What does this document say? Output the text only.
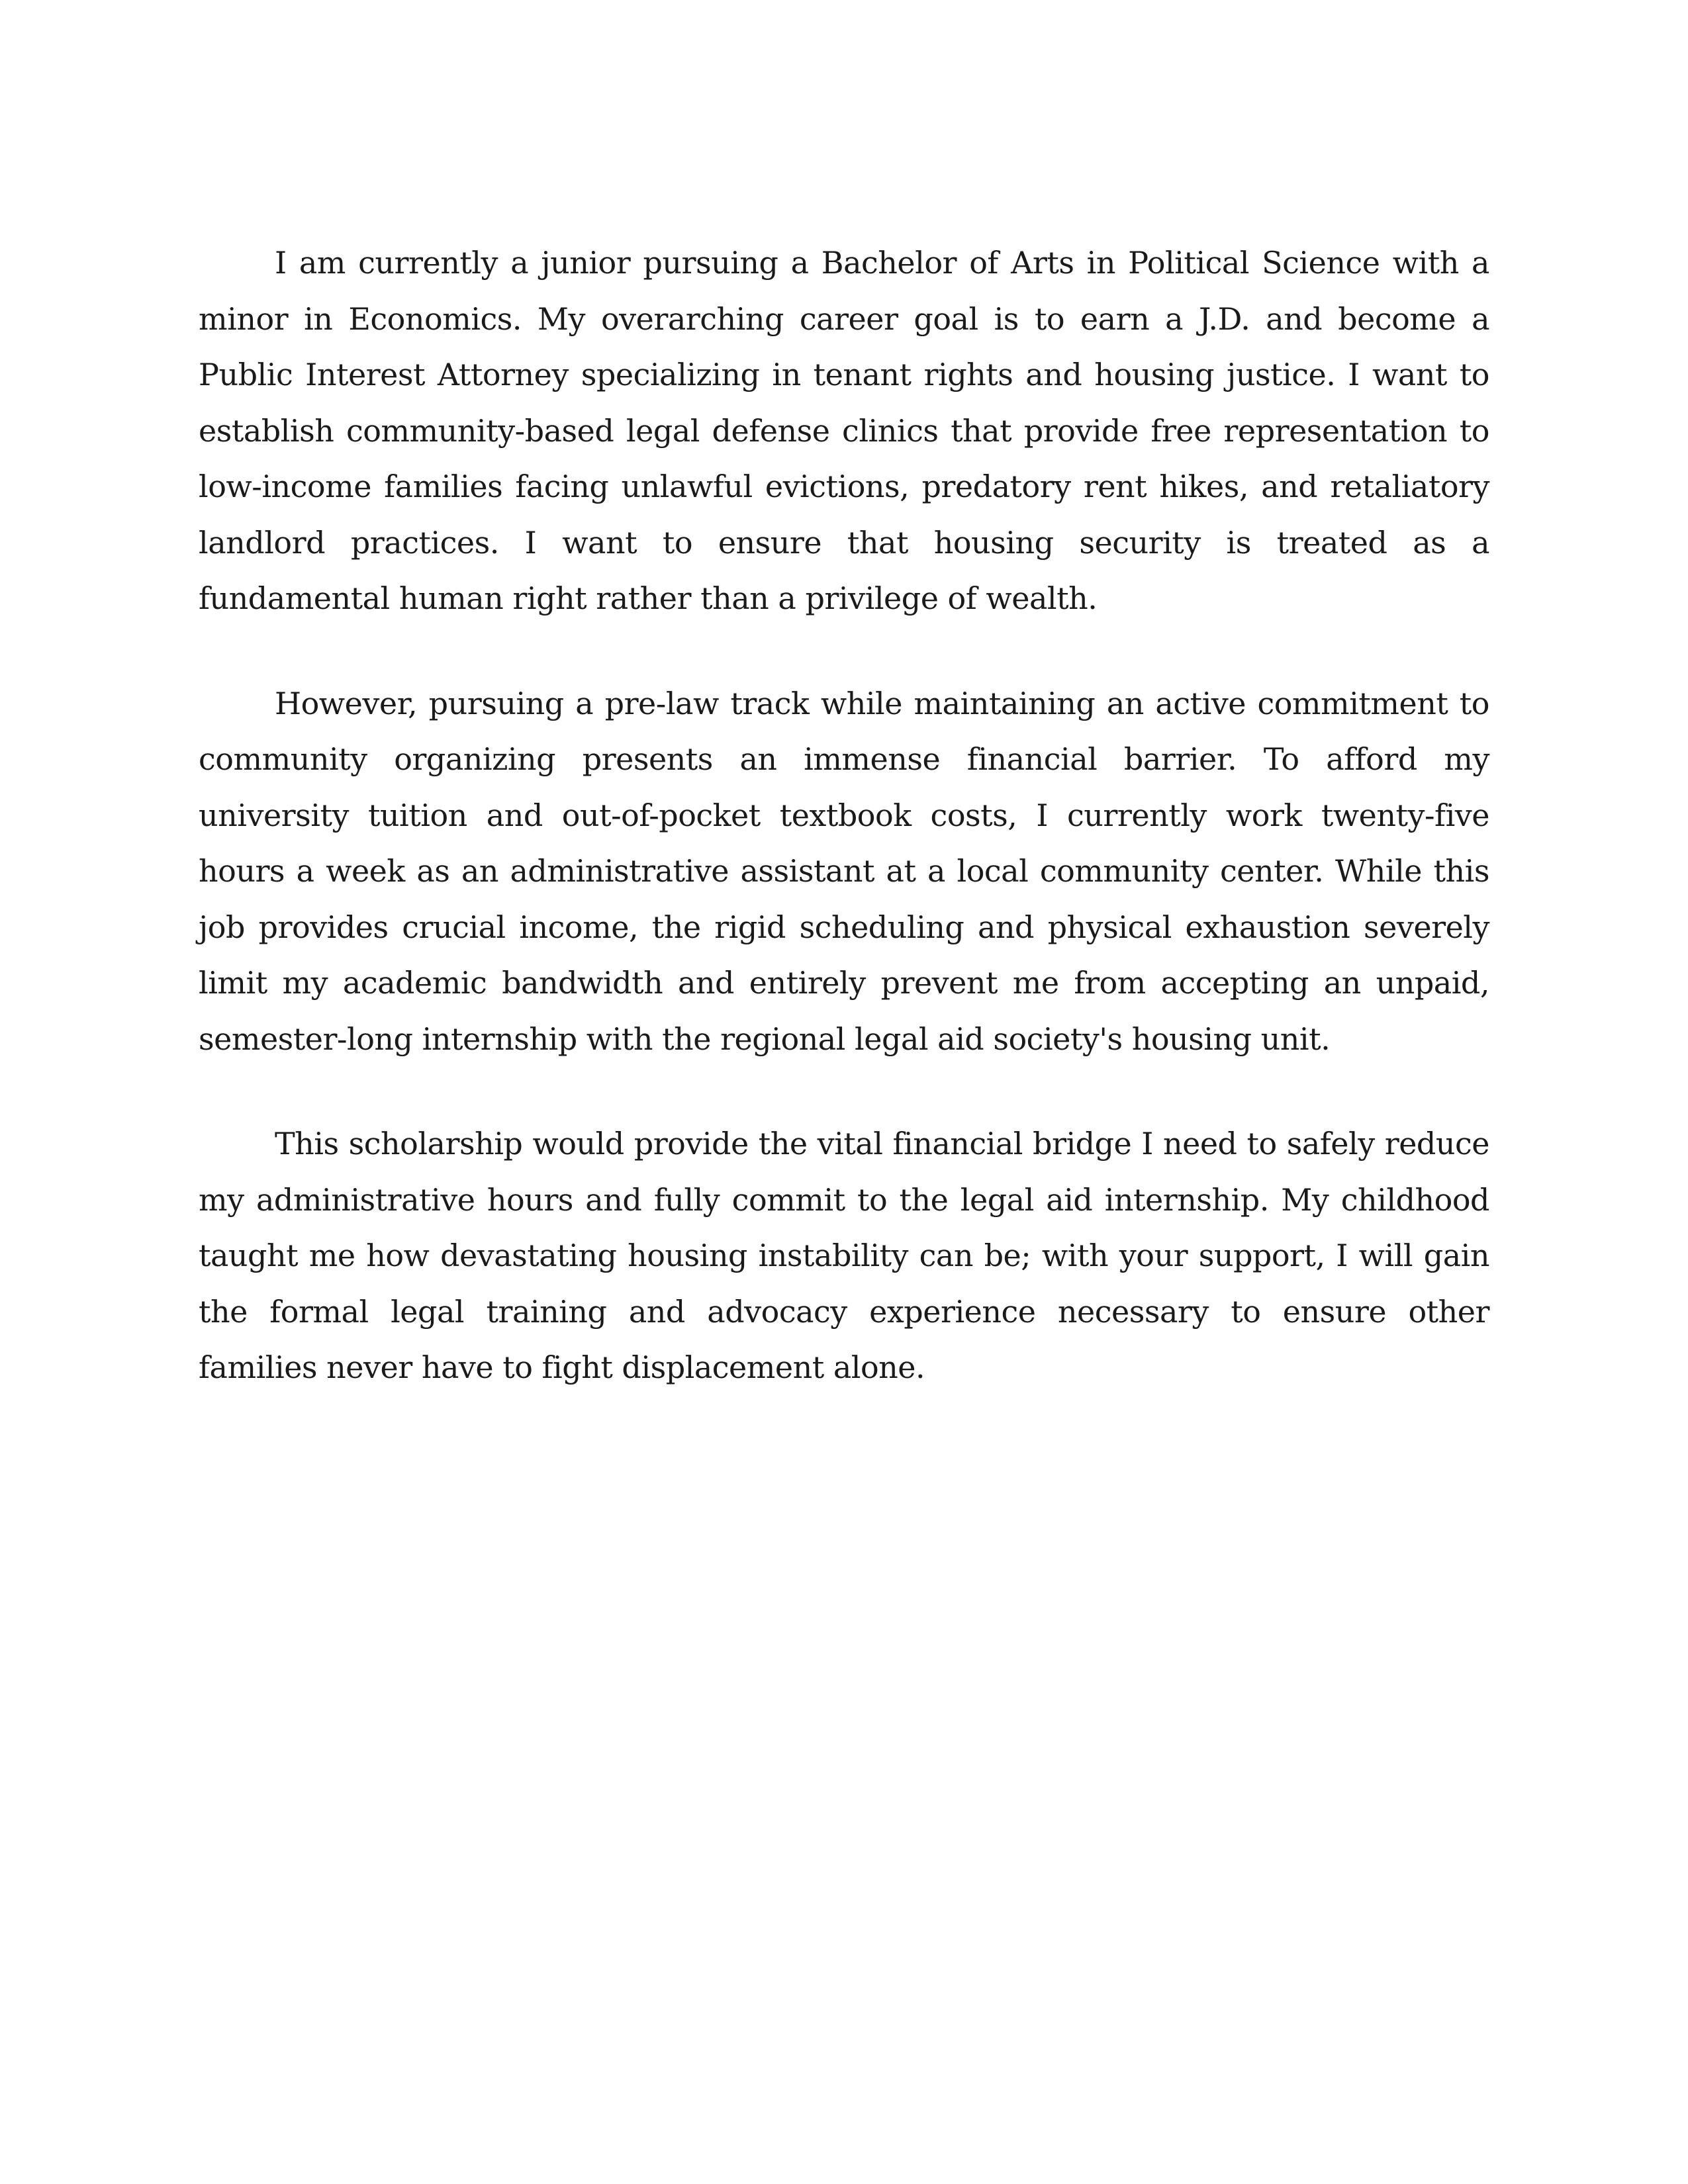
I am currently a junior pursuing a Bachelor of Arts in Political Science with a minor in Economics. My overarching career goal is to earn a J.D. and become a Public Interest Attorney specializing in tenant rights and housing justice. I want to establish community-based legal defense clinics that provide free representation to low-income families facing unlawful evictions, predatory rent hikes, and retaliatory landlord practices. I want to ensure that housing security is treated as a fundamental human right rather than a privilege of wealth.

However, pursuing a pre-law track while maintaining an active commitment to community organizing presents an immense financial barrier. To afford my university tuition and out-of-pocket textbook costs, I currently work twenty-five hours a week as an administrative assistant at a local community center. While this job provides crucial income, the rigid scheduling and physical exhaustion severely limit my academic bandwidth and entirely prevent me from accepting an unpaid, semester-long internship with the regional legal aid society's housing unit.

This scholarship would provide the vital financial bridge I need to safely reduce my administrative hours and fully commit to the legal aid internship. My childhood taught me how devastating housing instability can be; with your support, I will gain the formal legal training and advocacy experience necessary to ensure other families never have to fight displacement alone.
